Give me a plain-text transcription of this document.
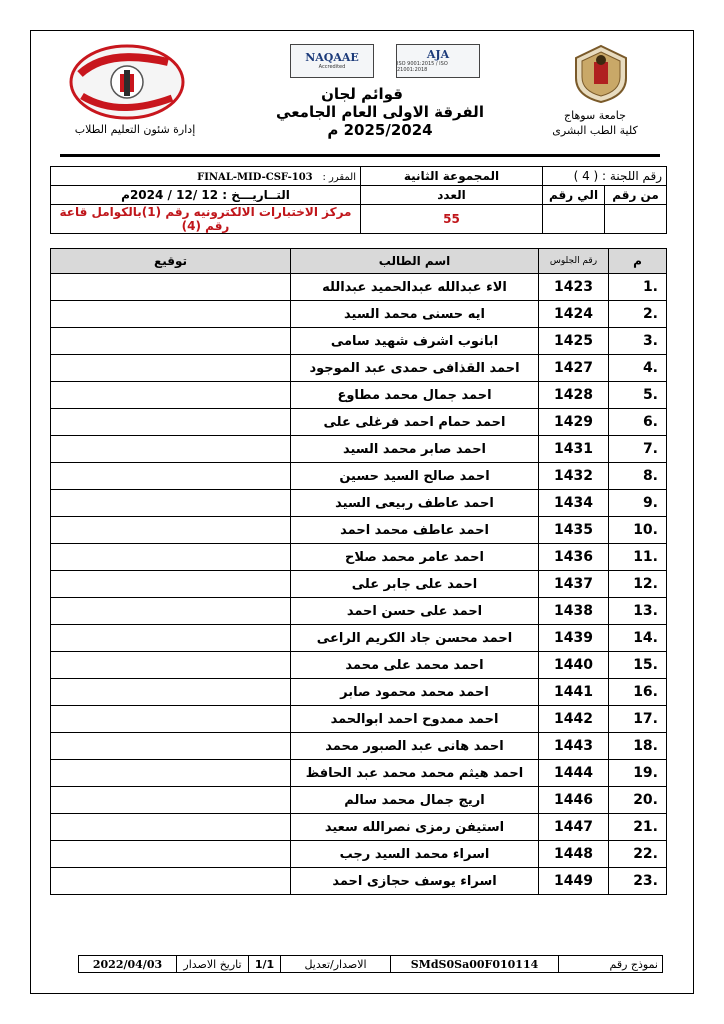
NAQAAE
Accredited
AJA
ISO 9001:2015 / ISO 21001:2018
قوائم لجان
الفرقة الاولى العام الجامعي 2025/2024 م
جامعة سوهاج
كلية الطب البشرى
إدارة شئون التعليم الطلاب
رقم اللجنة : ( 4 )		المجموعة الثانية	المقرر : FINAL-MID-CSF-103
من رقم	الي رقم	العدد	التــاريـــخ : 12 /12 / 2024م
		55	مركز الاختبارات الالكترونيه رقم (1)بالكوامل قاعة رقم (4)
م	رقم الجلوس	اسم الطالب	توقيع
1.	1423	الاء عبدالله عبدالحميد عبدالله	
2.	1424	ايه حسنى محمد السيد	
3.	1425	ابانوب اشرف شهيد سامى	
4.	1427	احمد القذافى حمدى عبد الموجود	
5.	1428	احمد جمال محمد مطاوع	
6.	1429	احمد حمام احمد فرغلى على	
7.	1431	احمد صابر محمد السيد	
8.	1432	احمد صالح السيد حسين	
9.	1434	احمد عاطف ربيعى السيد	
10.	1435	احمد عاطف محمد احمد	
11.	1436	احمد عامر محمد صلاح	
12.	1437	احمد على جابر على	
13.	1438	احمد على حسن احمد	
14.	1439	احمد محسن جاد الكريم الراعى	
15.	1440	احمد محمد على محمد	
16.	1441	احمد محمد محمود صابر	
17.	1442	احمد ممدوح احمد ابوالحمد	
18.	1443	احمد هانى عبد الصبور محمد	
19.	1444	احمد هيثم محمد محمد عبد الحافظ	
20.	1446	اريج جمال محمد سالم	
21.	1447	استيفن رمزى نصرالله سعيد	
22.	1448	اسراء محمد السيد رجب	
23.	1449	اسراء يوسف حجازى احمد	
نموذج رقم	SMdS0Sa00F010114	الاصدار/تعديل	1/1	تاريخ الاصدار	2022/04/03
